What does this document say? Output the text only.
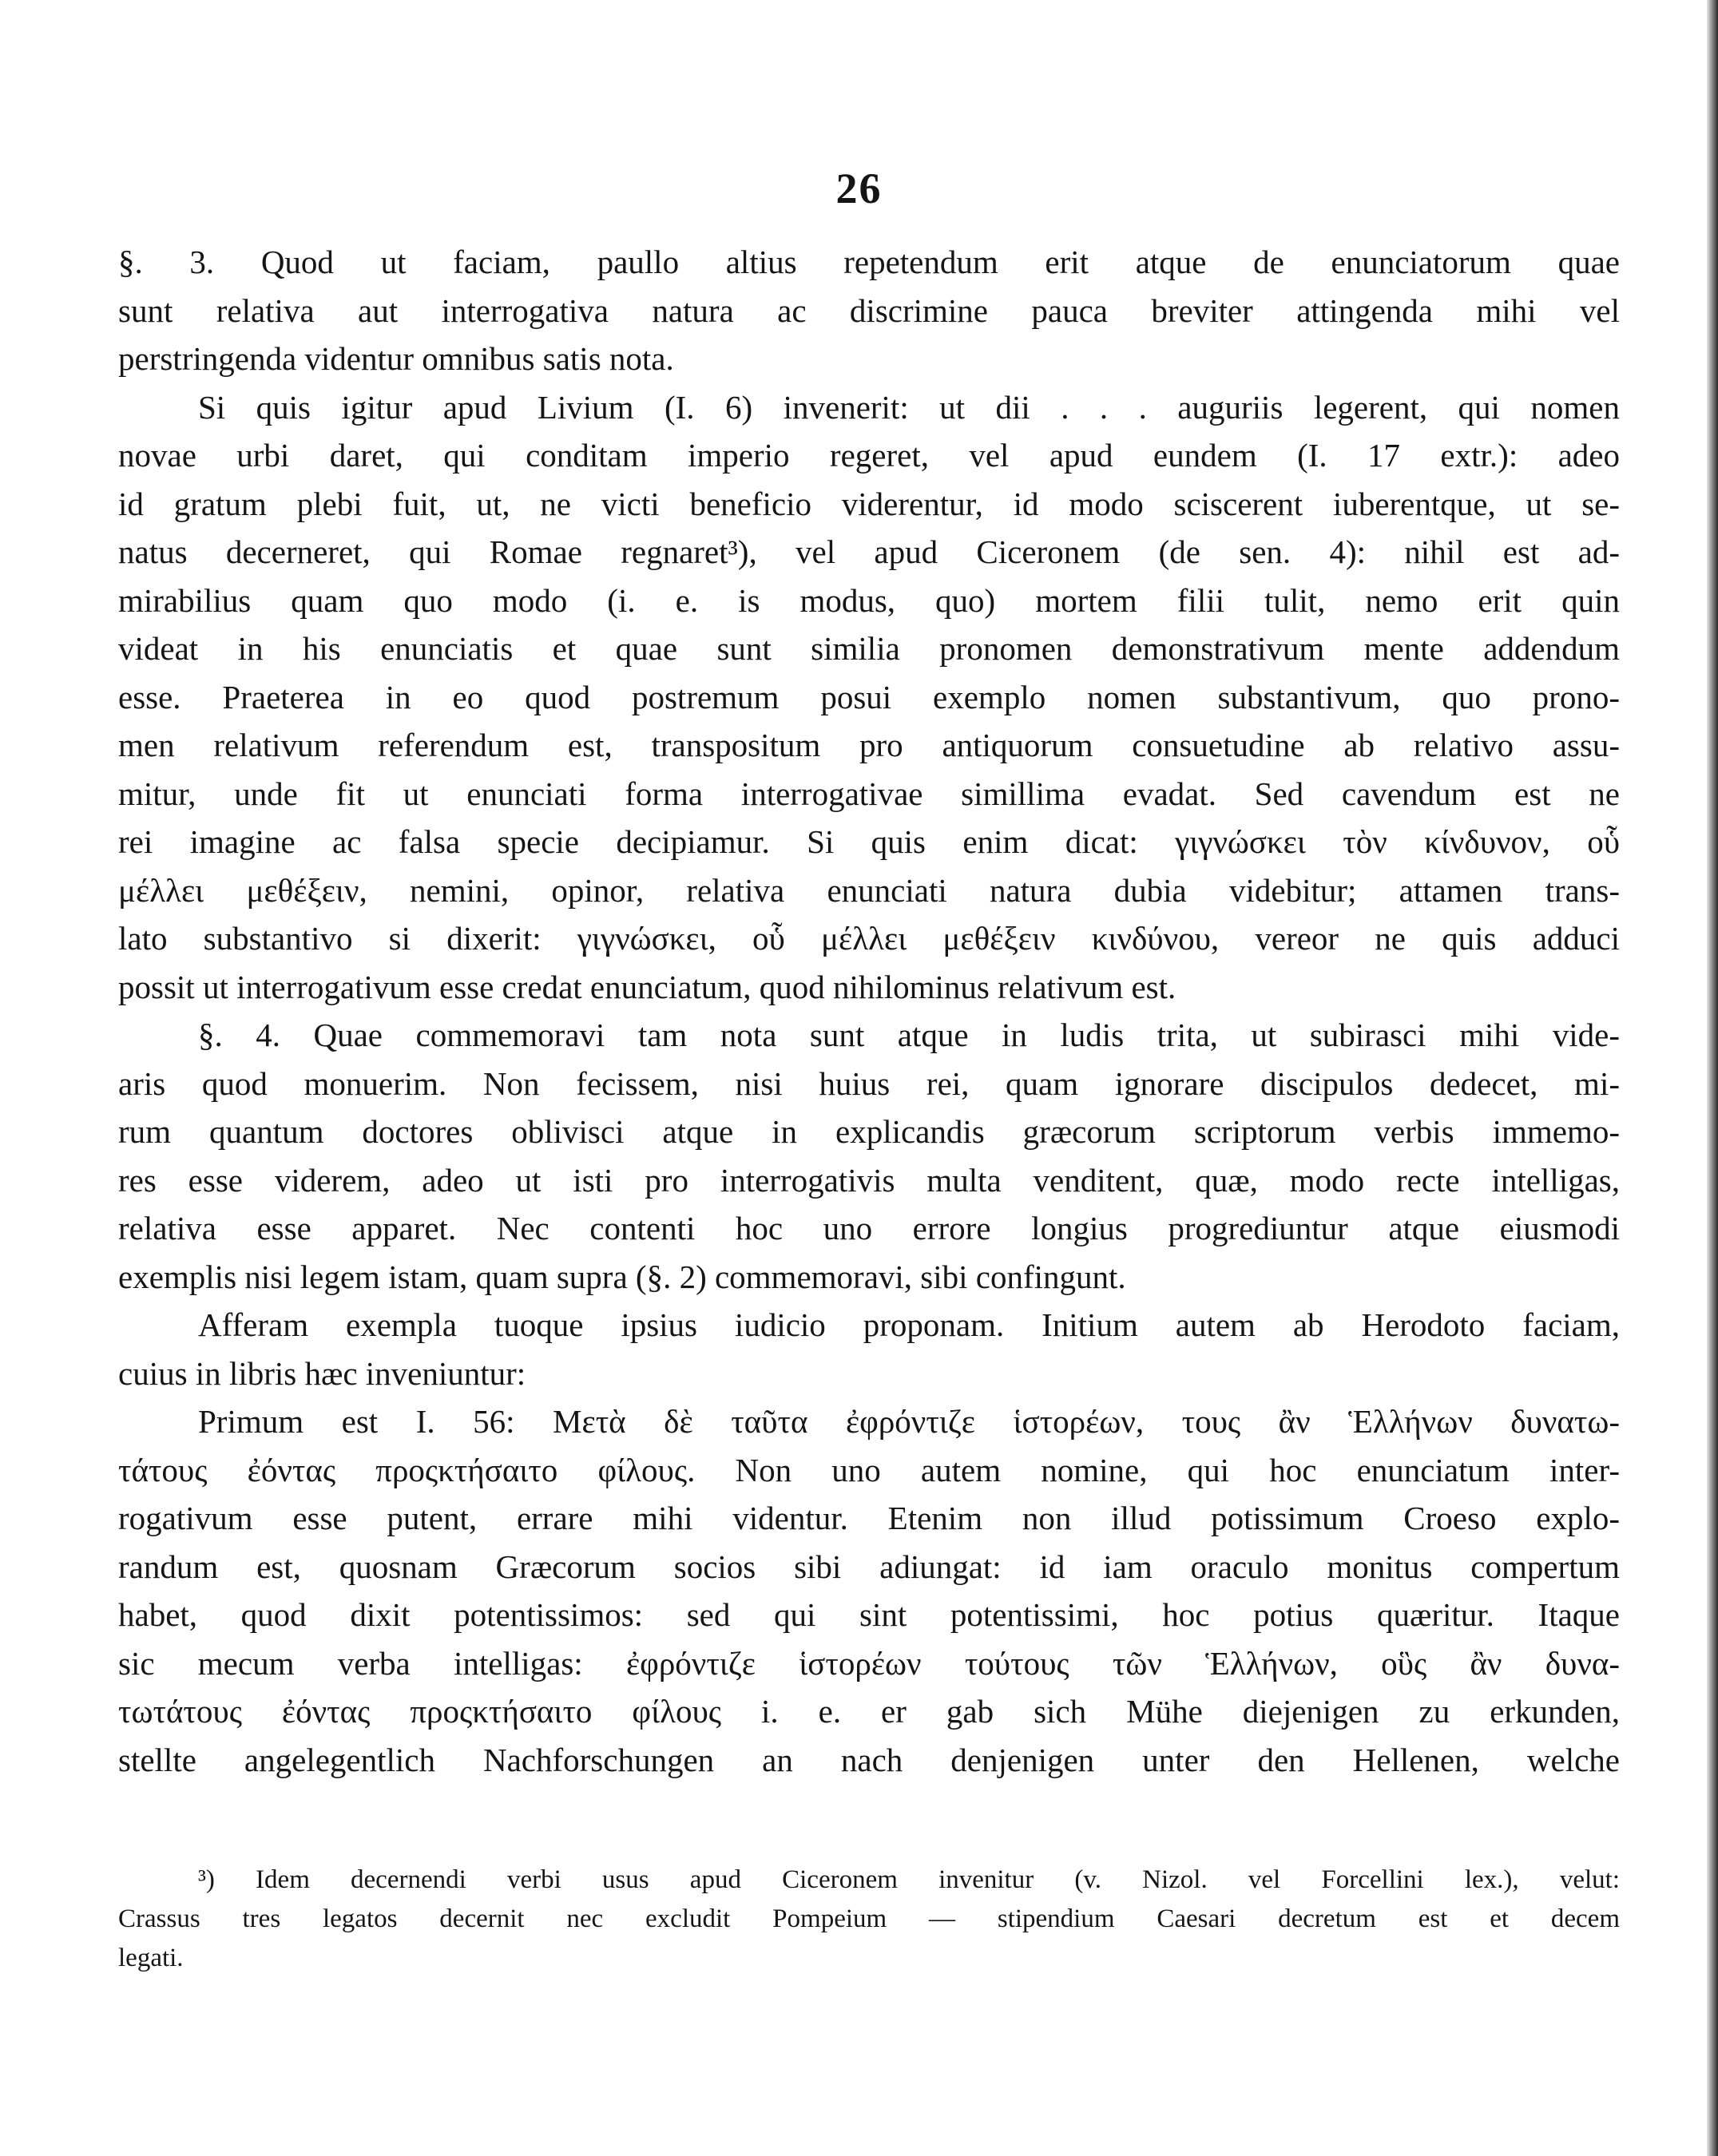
26
§. 3. Quod ut faciam, paullo altius repetendum erit atque de enunciatorum quae
sunt relativa aut interrogativa natura ac discrimine pauca breviter attingenda mihi vel
perstringenda videntur omnibus satis nota.
Si quis igitur apud Livium (I. 6) invenerit: ut dii . . . auguriis legerent, qui nomen
novae urbi daret, qui conditam imperio regeret, vel apud eundem (I. 17 extr.): adeo
id gratum plebi fuit, ut, ne victi beneficio viderentur, id modo sciscerent iuberentque, ut se-
natus decerneret, qui Romae regnaret³), vel apud Ciceronem (de sen. 4): nihil est ad-
mirabilius quam quo modo (i. e. is modus, quo) mortem filii tulit, nemo erit quin
videat in his enunciatis et quae sunt similia pronomen demonstrativum mente addendum
esse. Praeterea in eo quod postremum posui exemplo nomen substantivum, quo prono-
men relativum referendum est, transpositum pro antiquorum consuetudine ab relativo assu-
mitur, unde fit ut enunciati forma interrogativae simillima evadat. Sed cavendum est ne
rei imagine ac falsa specie decipiamur. Si quis enim dicat: γιγνώσκει τὸν κίνδυνον, οὗ
μέλλει μεθέξειν, nemini, opinor, relativa enunciati natura dubia videbitur; attamen trans-
lato substantivo si dixerit: γιγνώσκει, οὗ μέλλει μεθέξειν κινδύνου, vereor ne quis adduci
possit ut interrogativum esse credat enunciatum, quod nihilominus relativum est.
§. 4. Quae commemoravi tam nota sunt atque in ludis trita, ut subirasci mihi vide-
aris quod monuerim. Non fecissem, nisi huius rei, quam ignorare discipulos dedecet, mi-
rum quantum doctores oblivisci atque in explicandis græcorum scriptorum verbis immemo-
res esse viderem, adeo ut isti pro interrogativis multa venditent, quæ, modo recte intelligas,
relativa esse apparet. Nec contenti hoc uno errore longius progrediuntur atque eiusmodi
exemplis nisi legem istam, quam supra (§. 2) commemoravi, sibi confingunt.
Afferam exempla tuoque ipsius iudicio proponam. Initium autem ab Herodoto faciam,
cuius in libris hæc inveniuntur:
Primum est I. 56: Μετὰ δὲ ταῦτα ἐφρόντιζε ἱστορέων, τους ἂν Ἑλλήνων δυνατω-
τάτους ἐόντας προςκτήσαιτο φίλους. Non uno autem nomine, qui hoc enunciatum inter-
rogativum esse putent, errare mihi videntur. Etenim non illud potissimum Croeso explo-
randum est, quosnam Græcorum socios sibi adiungat: id iam oraculo monitus compertum
habet, quod dixit potentissimos: sed qui sint potentissimi, hoc potius quæritur. Itaque
sic mecum verba intelligas: ἐφρόντιζε ἱστορέων τούτους τῶν Ἑλλήνων, οὓς ἂν δυνα-
τωτάτους ἐόντας προςκτήσαιτο φίλους i. e. er gab sich Mühe diejenigen zu erkunden,
stellte angelegentlich Nachforschungen an nach denjenigen unter den Hellenen, welche
³) Idem decernendi verbi usus apud Ciceronem invenitur (v. Nizol. vel Forcellini lex.), velut:
Crassus tres legatos decernit nec excludit Pompeium — stipendium Caesari decretum est et decem
legati.
